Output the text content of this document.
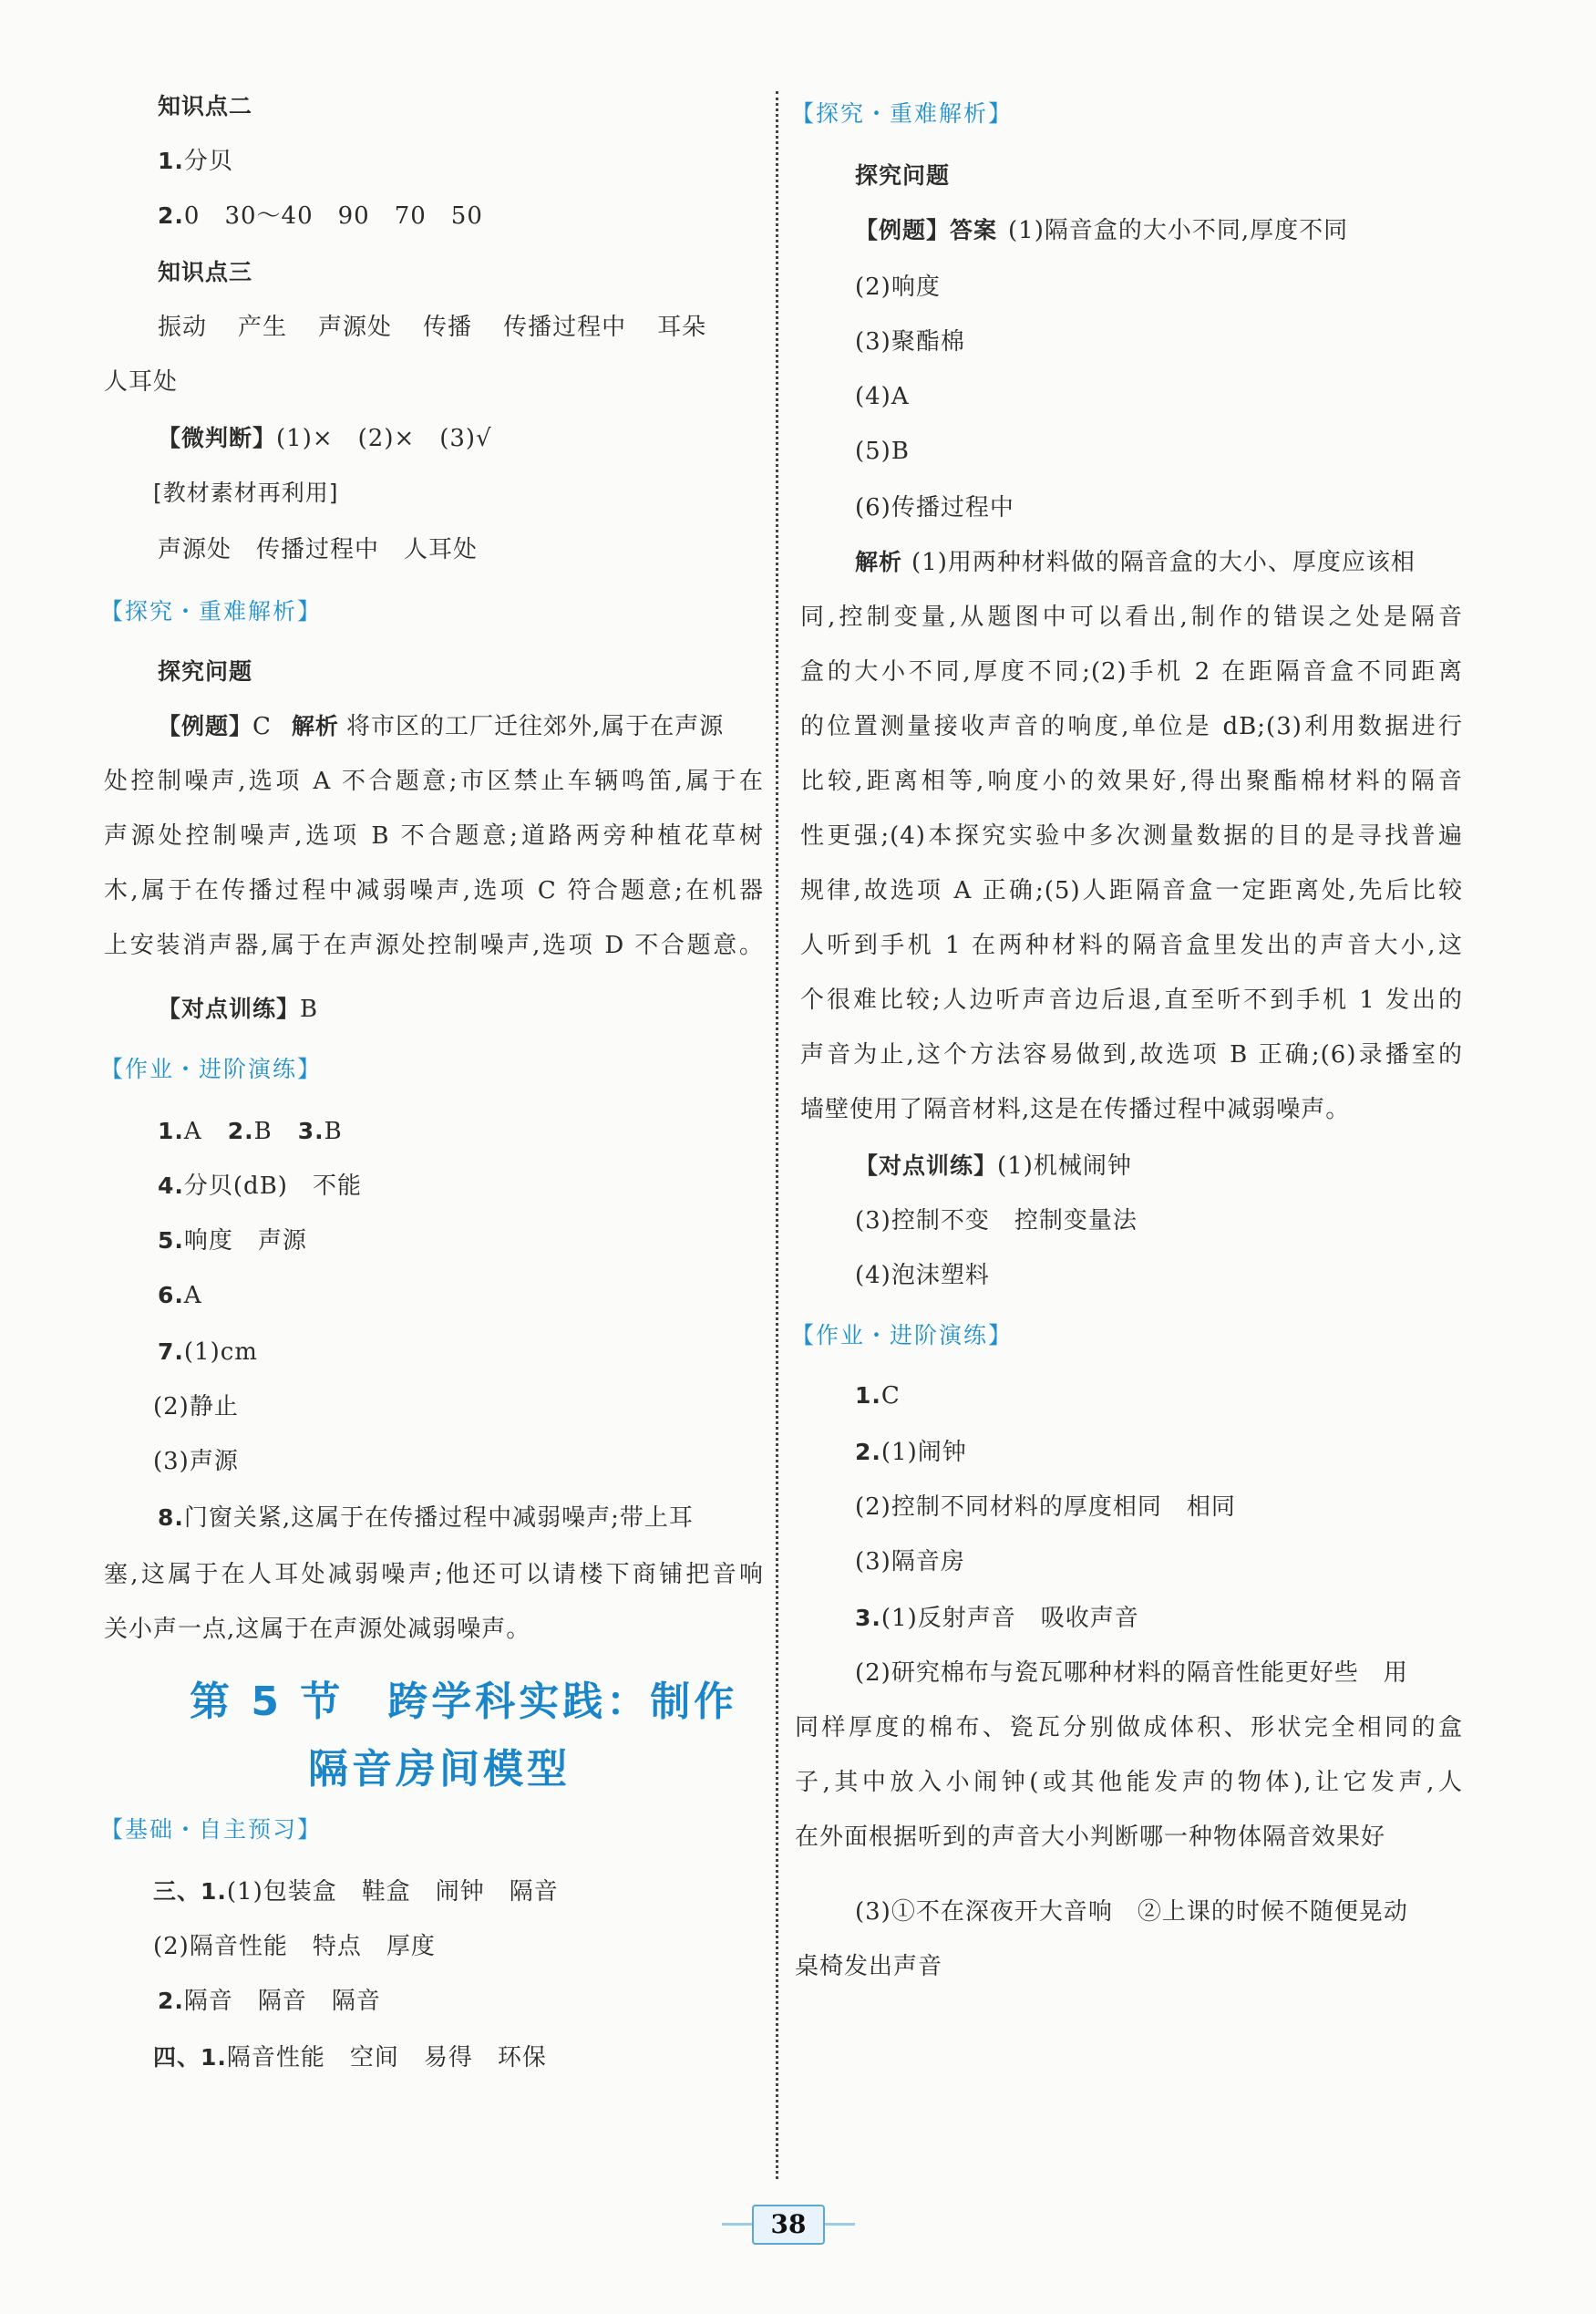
知识点二
1.分贝
2.0　30～40　90　70　50
知识点三
振动 产生 声源处 传播 传播过程中 耳朵
人耳处
【微判断】(1)×　(2)×　(3)√
[教材素材再利用]
声源处　传播过程中　人耳处
【探究・重难解析】
探究问题
【例题】C 解析 将市区的工厂迁往郊外,属于在声源
处控制噪声,选项 A 不合题意;市区禁止车辆鸣笛,属于在
声源处控制噪声,选项 B 不合题意;道路两旁种植花草树
木,属于在传播过程中减弱噪声,选项 C 符合题意;在机器
上安装消声器,属于在声源处控制噪声,选项 D 不合题意。
【对点训练】B
【作业・进阶演练】
1.A 2.B 3.B
4.分贝(dB)　不能
5.响度　声源
6.A
7.(1)cm
(2)静止
(3)声源
8.门窗关紧,这属于在传播过程中减弱噪声;带上耳
塞,这属于在人耳处减弱噪声;他还可以请楼下商铺把音响
关小声一点,这属于在声源处减弱噪声。
第 5 节　跨学科实践：制作
隔音房间模型
【基础・自主预习】
三、1.(1)包装盒　鞋盒　闹钟　隔音
(2)隔音性能　特点　厚度
2.隔音　隔音　隔音
四、1.隔音性能　空间　易得　环保
【探究・重难解析】
探究问题
【例题】答案 (1)隔音盒的大小不同,厚度不同
(2)响度
(3)聚酯棉
(4)A
(5)B
(6)传播过程中
解析 (1)用两种材料做的隔音盒的大小、厚度应该相
同,控制变量,从题图中可以看出,制作的错误之处是隔音
盒的大小不同,厚度不同;(2)手机 2 在距隔音盒不同距离
的位置测量接收声音的响度,单位是 dB;(3)利用数据进行
比较,距离相等,响度小的效果好,得出聚酯棉材料的隔音
性更强;(4)本探究实验中多次测量数据的目的是寻找普遍
规律,故选项 A 正确;(5)人距隔音盒一定距离处,先后比较
人听到手机 1 在两种材料的隔音盒里发出的声音大小,这
个很难比较;人边听声音边后退,直至听不到手机 1 发出的
声音为止,这个方法容易做到,故选项 B 正确;(6)录播室的
墙壁使用了隔音材料,这是在传播过程中减弱噪声。
【对点训练】(1)机械闹钟
(3)控制不变　控制变量法
(4)泡沫塑料
【作业・进阶演练】
1.C
2.(1)闹钟
(2)控制不同材料的厚度相同　相同
(3)隔音房
3.(1)反射声音　吸收声音
(2)研究棉布与瓷瓦哪种材料的隔音性能更好些　用
同样厚度的棉布、瓷瓦分别做成体积、形状完全相同的盒
子,其中放入小闹钟(或其他能发声的物体),让它发声,人
在外面根据听到的声音大小判断哪一种物体隔音效果好
(3)①不在深夜开大音响　②上课的时候不随便晃动
桌椅发出声音
38
